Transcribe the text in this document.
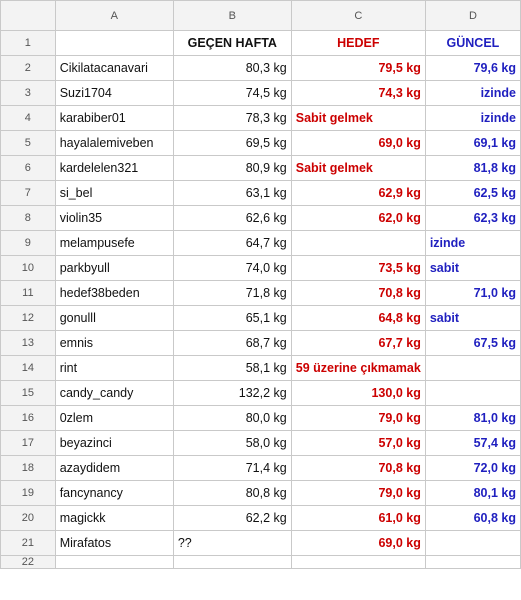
	A	B	C	D
1		GEÇEN HAFTA	HEDEF	GÜNCEL
2	Cikilatacanavari	80,3 kg	79,5 kg	79,6 kg
3	Suzi1704	74,5 kg	74,3 kg	izinde
4	karabiber01	78,3 kg	Sabit gelmek	izinde
5	hayalalemiveben	69,5 kg	69,0 kg	69,1 kg
6	kardelelen321	80,9 kg	Sabit gelmek	81,8 kg
7	si_bel	63,1 kg	62,9 kg	62,5 kg
8	violin35	62,6 kg	62,0 kg	62,3 kg
9	melampusefe	64,7 kg		izinde
10	parkbyull	74,0 kg	73,5 kg	sabit
11	hedef38beden	71,8 kg	70,8 kg	71,0 kg
12	gonulll	65,1 kg	64,8 kg	sabit
13	emnis	68,7 kg	67,7 kg	67,5 kg
14	rint	58,1 kg	59 üzerine çıkmamak	
15	candy_candy	132,2 kg	130,0 kg	
16	0zlem	80,0 kg	79,0 kg	81,0 kg
17	beyazinci	58,0 kg	57,0 kg	57,4 kg
18	azaydidem	71,4 kg	70,8 kg	72,0 kg
19	fancynancy	80,8 kg	79,0 kg	80,1 kg
20	magickk	62,2 kg	61,0 kg	60,8 kg
21	Mirafatos	??	69,0 kg	
22				
